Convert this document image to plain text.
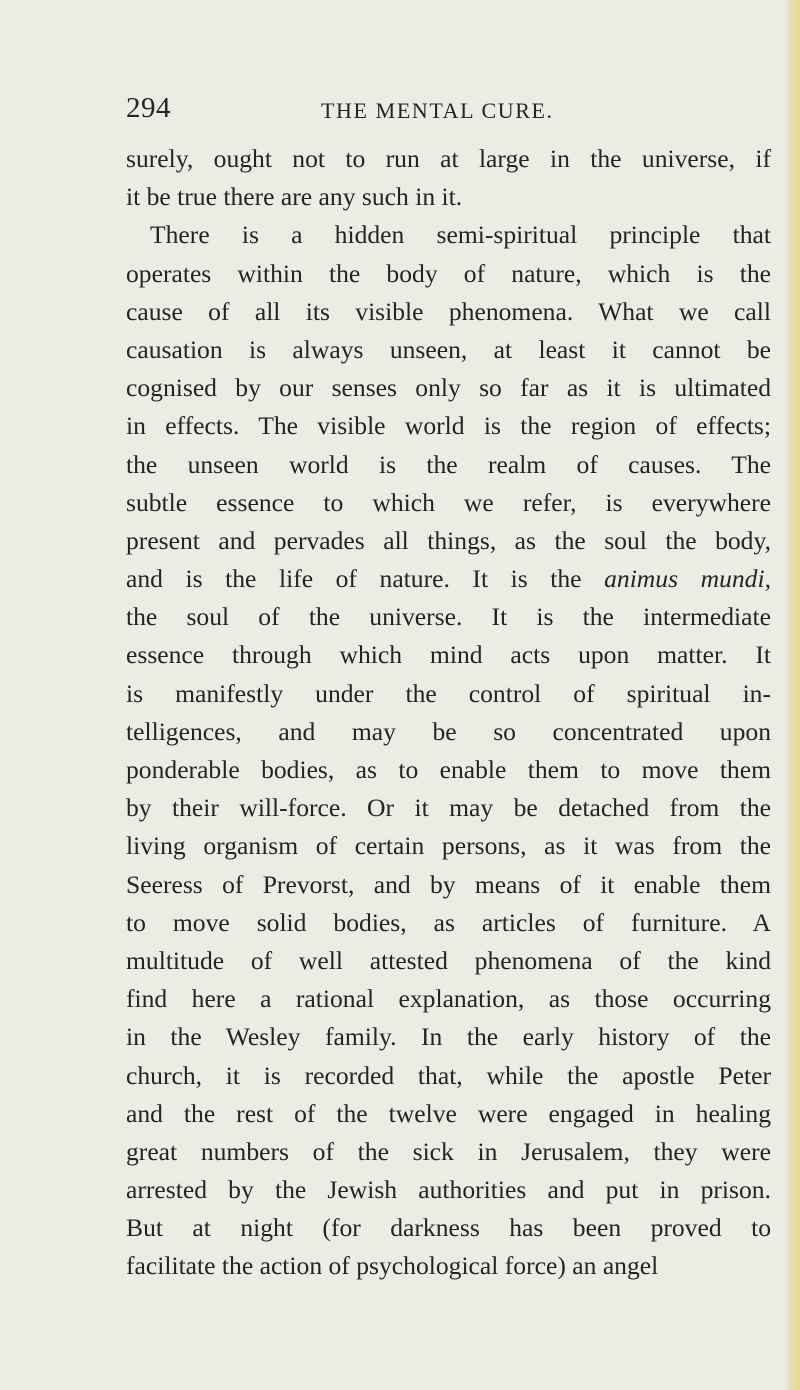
294	THE MENTAL CURE.
surely, ought not to run at large in the universe, if
it be true there are any such in it.
There is a hidden semi-spiritual principle that
operates within the body of nature, which is the
cause of all its visible phenomena. What we call
causation is always unseen, at least it cannot be
cognised by our senses only so far as it is ultimated
in effects. The visible world is the region of effects;
the unseen world is the realm of causes. The
subtle essence to which we refer, is everywhere
present and pervades all things, as the soul the body,
and is the life of nature. It is the animus mundi,
the soul of the universe. It is the intermediate
essence through which mind acts upon matter. It
is manifestly under the control of spiritual in-
telligences, and may be so concentrated upon
ponderable bodies, as to enable them to move them
by their will-force. Or it may be detached from the
living organism of certain persons, as it was from the
Seeress of Prevorst, and by means of it enable them
to move solid bodies, as articles of furniture. A
multitude of well attested phenomena of the kind
find here a rational explanation, as those occurring
in the Wesley family. In the early history of the
church, it is recorded that, while the apostle Peter
and the rest of the twelve were engaged in healing
great numbers of the sick in Jerusalem, they were
arrested by the Jewish authorities and put in prison.
But at night (for darkness has been proved to
facilitate the action of psychological force) an angel
